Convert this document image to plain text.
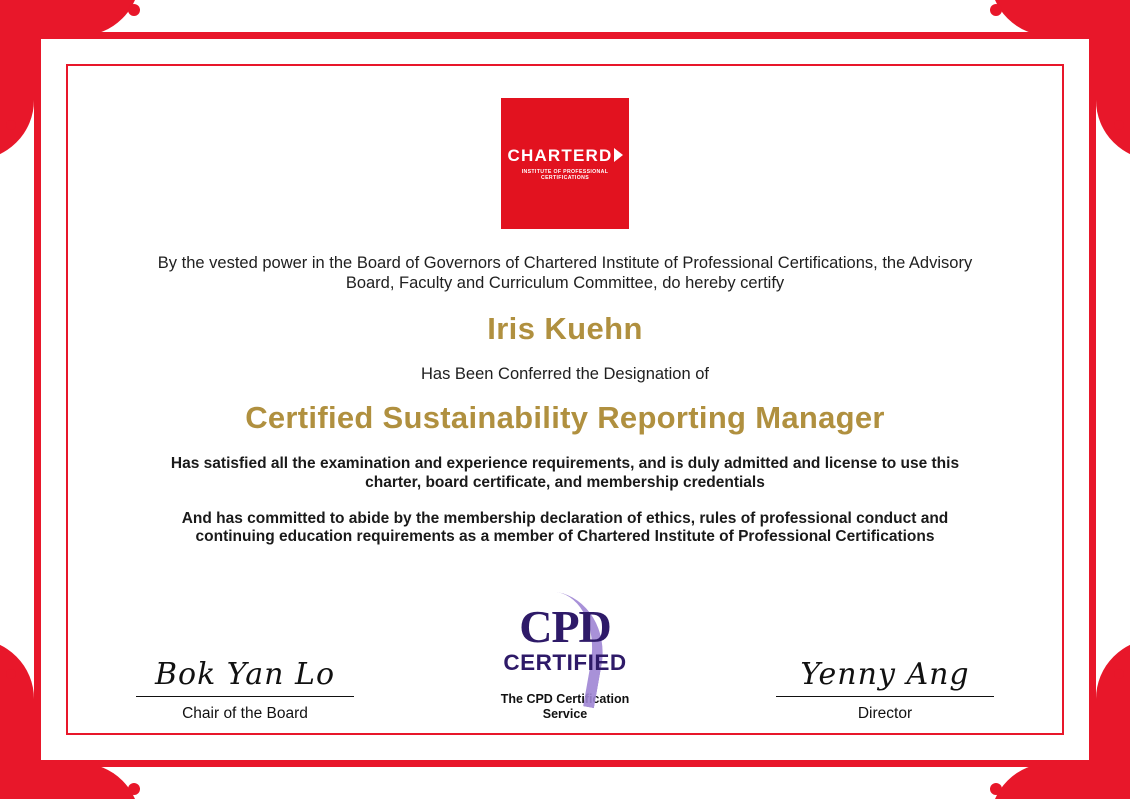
CHARTER D
INSTITUTE OF PROFESSIONAL CERTIFICATIONS
By the vested power in the Board of Governors of Chartered Institute of Professional Certifications, the Advisory Board, Faculty and Curriculum Committee, do hereby certify
Iris Kuehn
Has Been Conferred the Designation of
Certified Sustainability Reporting Manager
Has satisfied all the examination and experience requirements, and is duly admitted and license to use this charter, board certificate, and membership credentials
And has committed to abide by the membership declaration of ethics, rules of professional conduct and continuing education requirements as a member of Chartered Institute of Professional Certifications
Bok Yan Lo
Chair of the Board
CPD
CERTIFIED
The CPD Certification
Service
Yenny Ang
Director
